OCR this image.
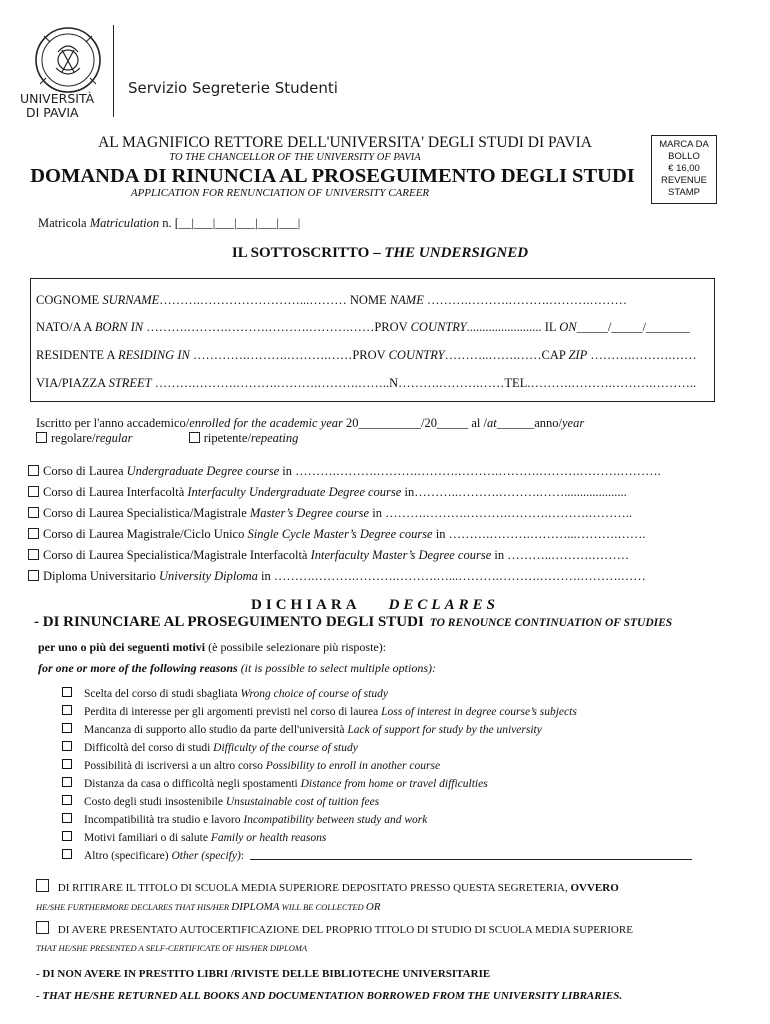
UNIVERSITÀ
DI PAVIA
Servizio Segreterie Studenti
AL MAGNIFICO RETTORE DELL'UNIVERSITA' DEGLI STUDI DI PAVIA
TO THE CHANCELLOR OF THE UNIVERSITY OF PAVIA
DOMANDA DI RINUNCIA AL PROSEGUIMENTO DEGLI STUDI
APPLICATION FOR RENUNCIATION OF UNIVERSITY CAREER
MARCA DA
BOLLO
€ 16,00
REVENUE
STAMP
Matricola Matriculation n. [__|___|___|___|___|___|
IL SOTTOSCRITTO – THE UNDERSIGNED
COGNOME SURNAME……….……………………...……… NOME NAME ……….……….……….……….………
NATO/A A BORN IN ……….……….……….……….……….……PROV COUNTRY........................ IL ON_____/_____/_______
RESIDENTE A RESIDING IN ………….……….……….……PROV COUNTRY………..…….……CAP ZIP ……….……….……
VIA/PIAZZA STREET ……….……….……….……….……….……..N……….……….……TEL.……….……….……….………..
Iscritto per l'anno accademico/enrolled for the academic year 20__________/20_____ al /at______anno/year
regolare/regular	ripetente/repeating
Corso di Laurea Undergraduate Degree course in ……….……….……….……….……….……….……….……….……….
Corso di Laurea Interfacoltà Interfaculty Undergraduate Degree course in………..……….……….……....................
Corso di Laurea Specialistica/Magistrale Master’s Degree course in ……….……….……….……….……….………..
Corso di Laurea Magistrale/Ciclo Unico Single Cycle Master’s Degree course in ……….……….………...……….…….
Corso di Laurea Specialistica/Magistrale Interfacoltà Interfaculty Master’s Degree course in ………..……….………
Diploma Universitario University Diploma in ……….……….……….……….…...……….……….……….……….……
DICHIARA DECLARES
- DI RINUNCIARE AL PROSEGUIMENTO DEGLI STUDI TO RENOUNCE CONTINUATION OF STUDIES
per uno o più dei seguenti motivi (è possibile selezionare più risposte):
for one or more of the following reasons (it is possible to select multiple options):
Scelta del corso di studi sbagliata Wrong choice of course of study
Perdita di interesse per gli argomenti previsti nel corso di laurea Loss of interest in degree course’s subjects
Mancanza di supporto allo studio da parte dell'università Lack of support for study by the university
Difficoltà del corso di studi Difficulty of the course of study
Possibilità di iscriversi a un altro corso Possibility to enroll in another course
Distanza da casa o difficoltà negli spostamenti Distance from home or travel difficulties
Costo degli studi insostenibile Unsustainable cost of tuition fees
Incompatibilità tra studio e lavoro Incompatibility between study and work
Motivi familiari o di salute Family or health reasons
Altro (specificare) Other (specify):
DI RITIRARE IL TITOLO DI SCUOLA MEDIA SUPERIORE DEPOSITATO PRESSO QUESTA SEGRETERIA, OVVERO
HE/SHE FURTHERMORE DECLARES THAT HIS/HER DIPLOMA WILL BE COLLECTED OR
DI AVERE PRESENTATO AUTOCERTIFICAZIONE DEL PROPRIO TITOLO DI STUDIO DI SCUOLA MEDIA SUPERIORE
THAT HE/SHE PRESENTED A SELF-CERTIFICATE OF HIS/HER DIPLOMA
- DI NON AVERE IN PRESTITO LIBRI /RIVISTE DELLE BIBLIOTECHE UNIVERSITARIE
- THAT HE/SHE RETURNED ALL BOOKS AND DOCUMENTATION BORROWED FROM THE UNIVERSITY LIBRARIES.
